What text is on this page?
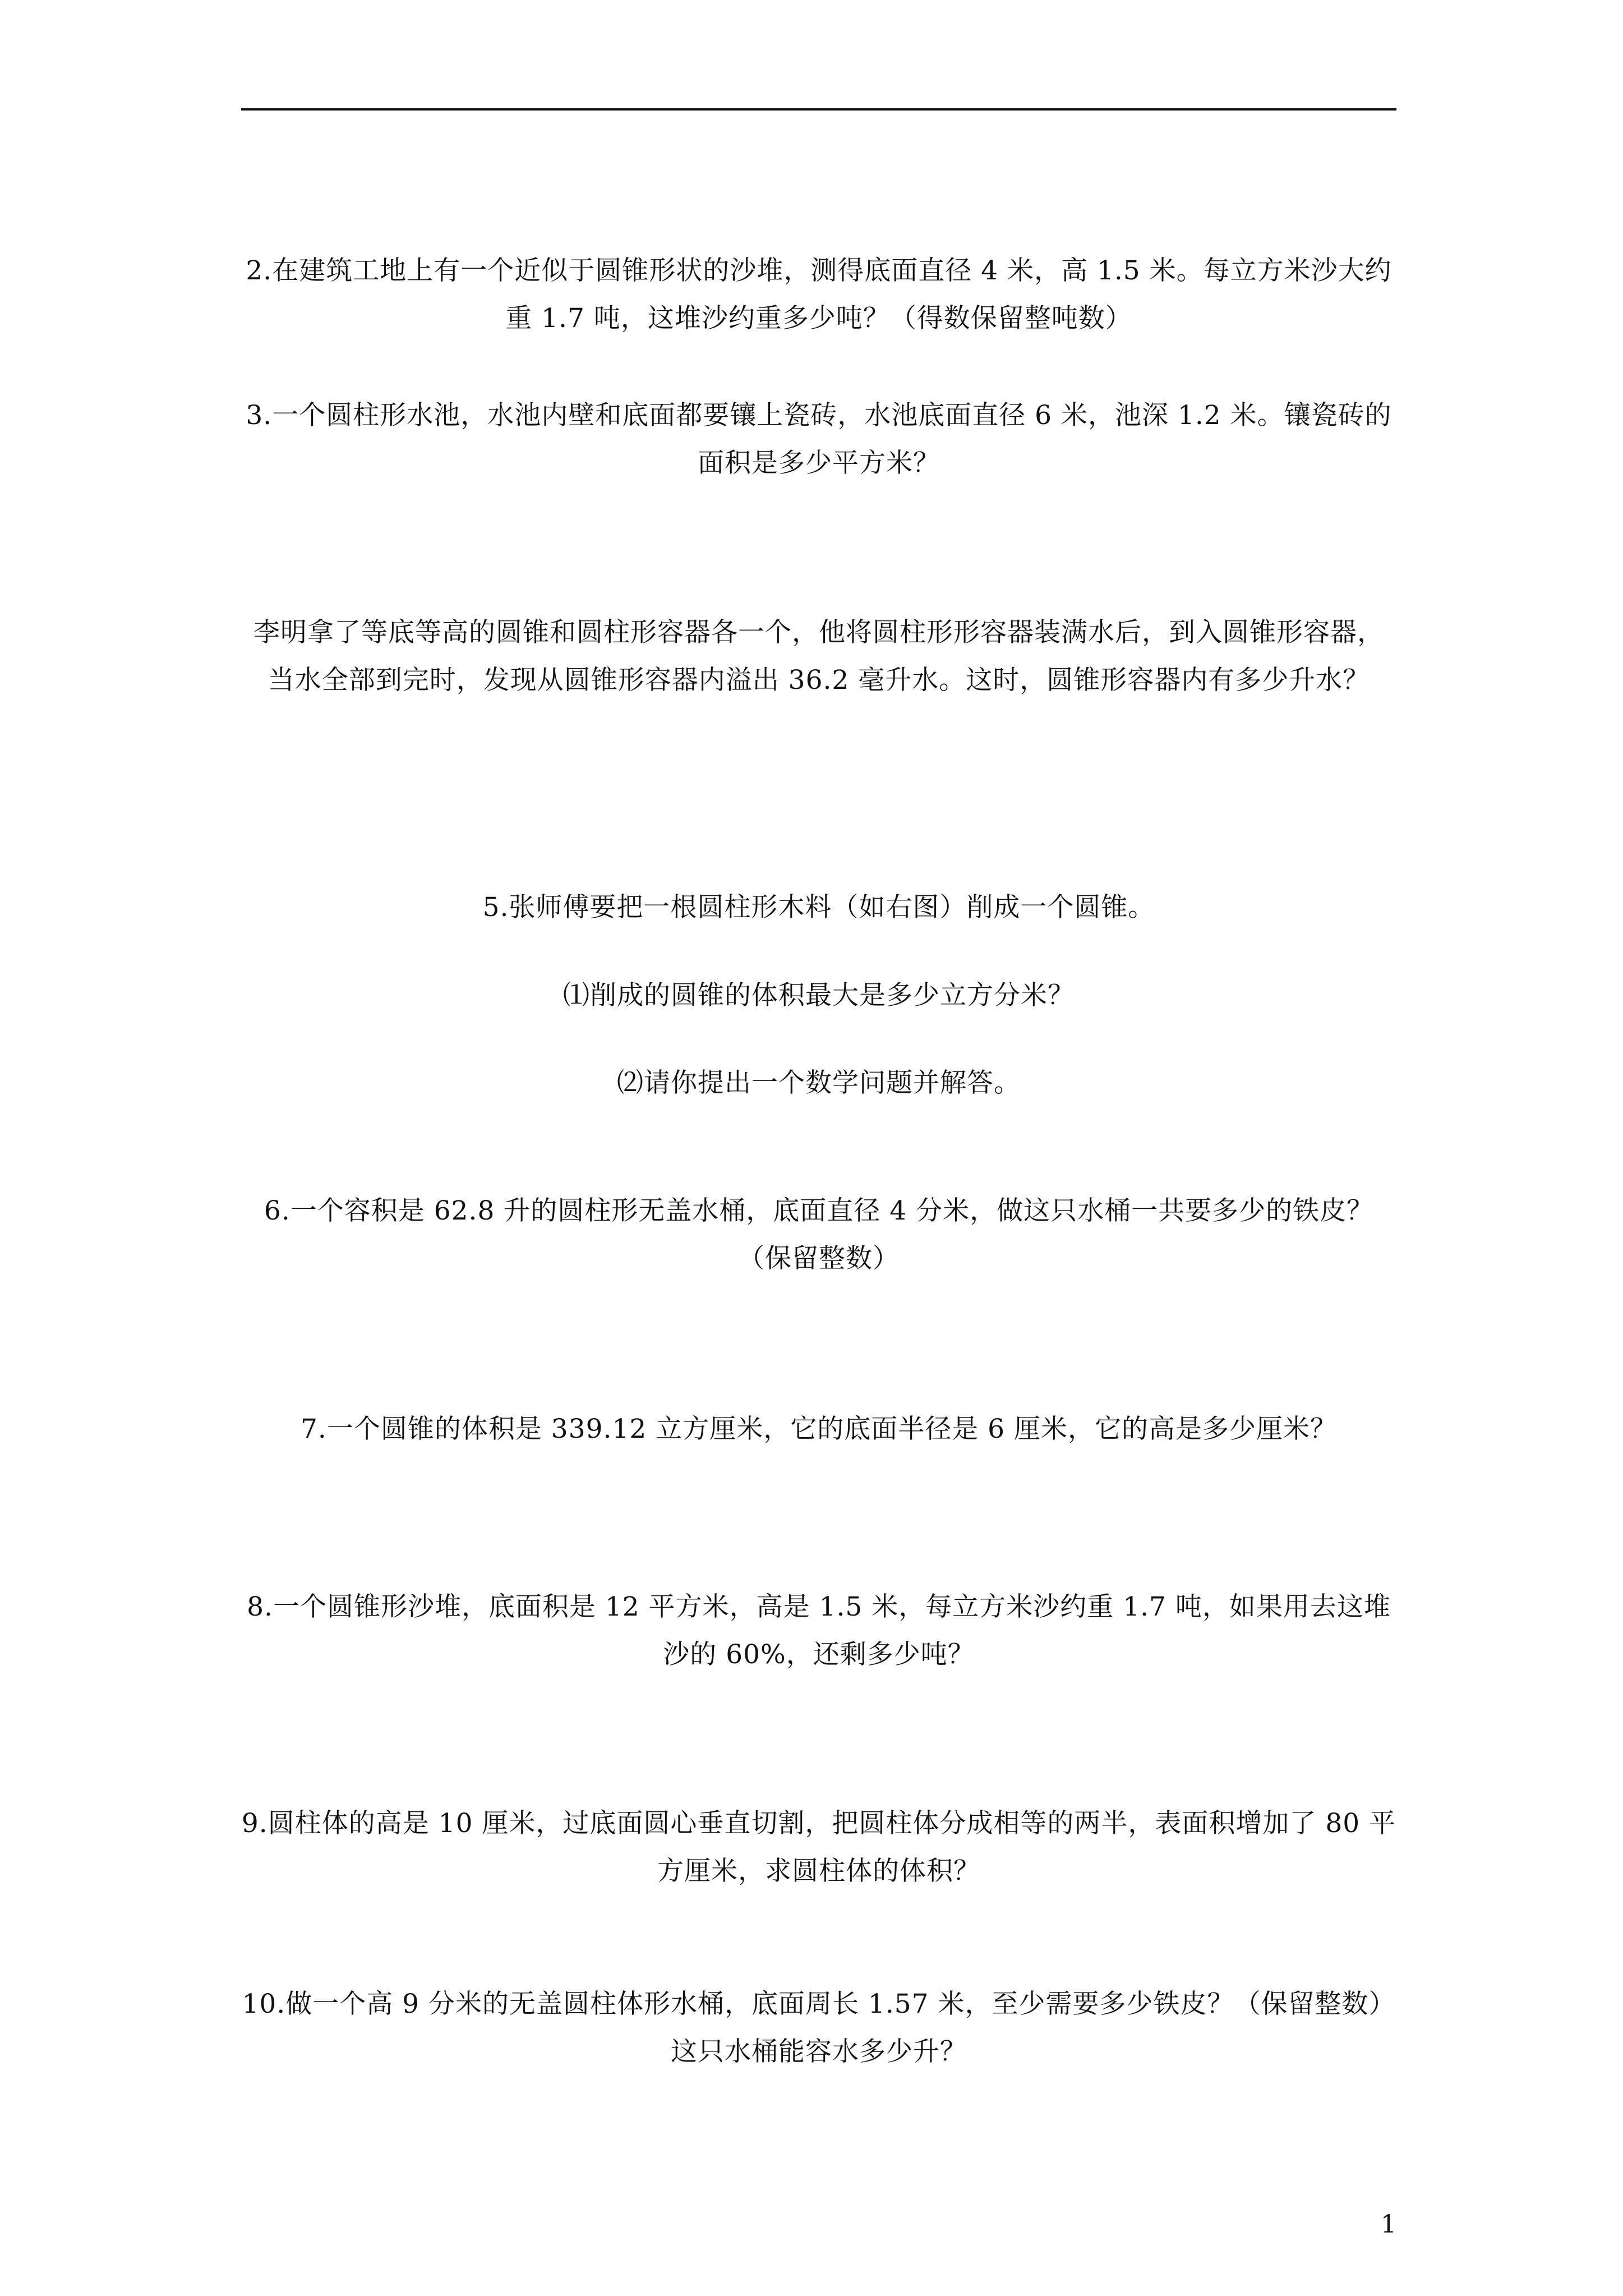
2.在建筑工地上有一个近似于圆锥形状的沙堆，测得底面直径 4 米，高 1.5 米。每立方米沙大约重 1.7 吨，这堆沙约重多少吨？（得数保留整吨数）
3.一个圆柱形水池，水池内壁和底面都要镶上瓷砖，水池底面直径 6 米，池深 1.2 米。镶瓷砖的面积是多少平方米？
李明拿了等底等高的圆锥和圆柱形容器各一个，他将圆柱形形容器装满水后，到入圆锥形容器，当水全部到完时，发现从圆锥形容器内溢出 36.2 毫升水。这时，圆锥形容器内有多少升水？
5.张师傅要把一根圆柱形木料（如右图）削成一个圆锥。
⑴削成的圆锥的体积最大是多少立方分米？
⑵请你提出一个数学问题并解答。
6.一个容积是 62.8 升的圆柱形无盖水桶，底面直径 4 分米，做这只水桶一共要多少的铁皮？（保留整数）
7.一个圆锥的体积是 339.12 立方厘米，它的底面半径是 6 厘米，它的高是多少厘米？
8.一个圆锥形沙堆，底面积是 12 平方米，高是 1.5 米，每立方米沙约重 1.7 吨，如果用去这堆沙的 60%，还剩多少吨？
9.圆柱体的高是 10 厘米，过底面圆心垂直切割，把圆柱体分成相等的两半，表面积增加了 80 平方厘米，求圆柱体的体积？
10.做一个高 9 分米的无盖圆柱体形水桶，底面周长 1.57 米，至少需要多少铁皮？（保留整数）这只水桶能容水多少升？
1
